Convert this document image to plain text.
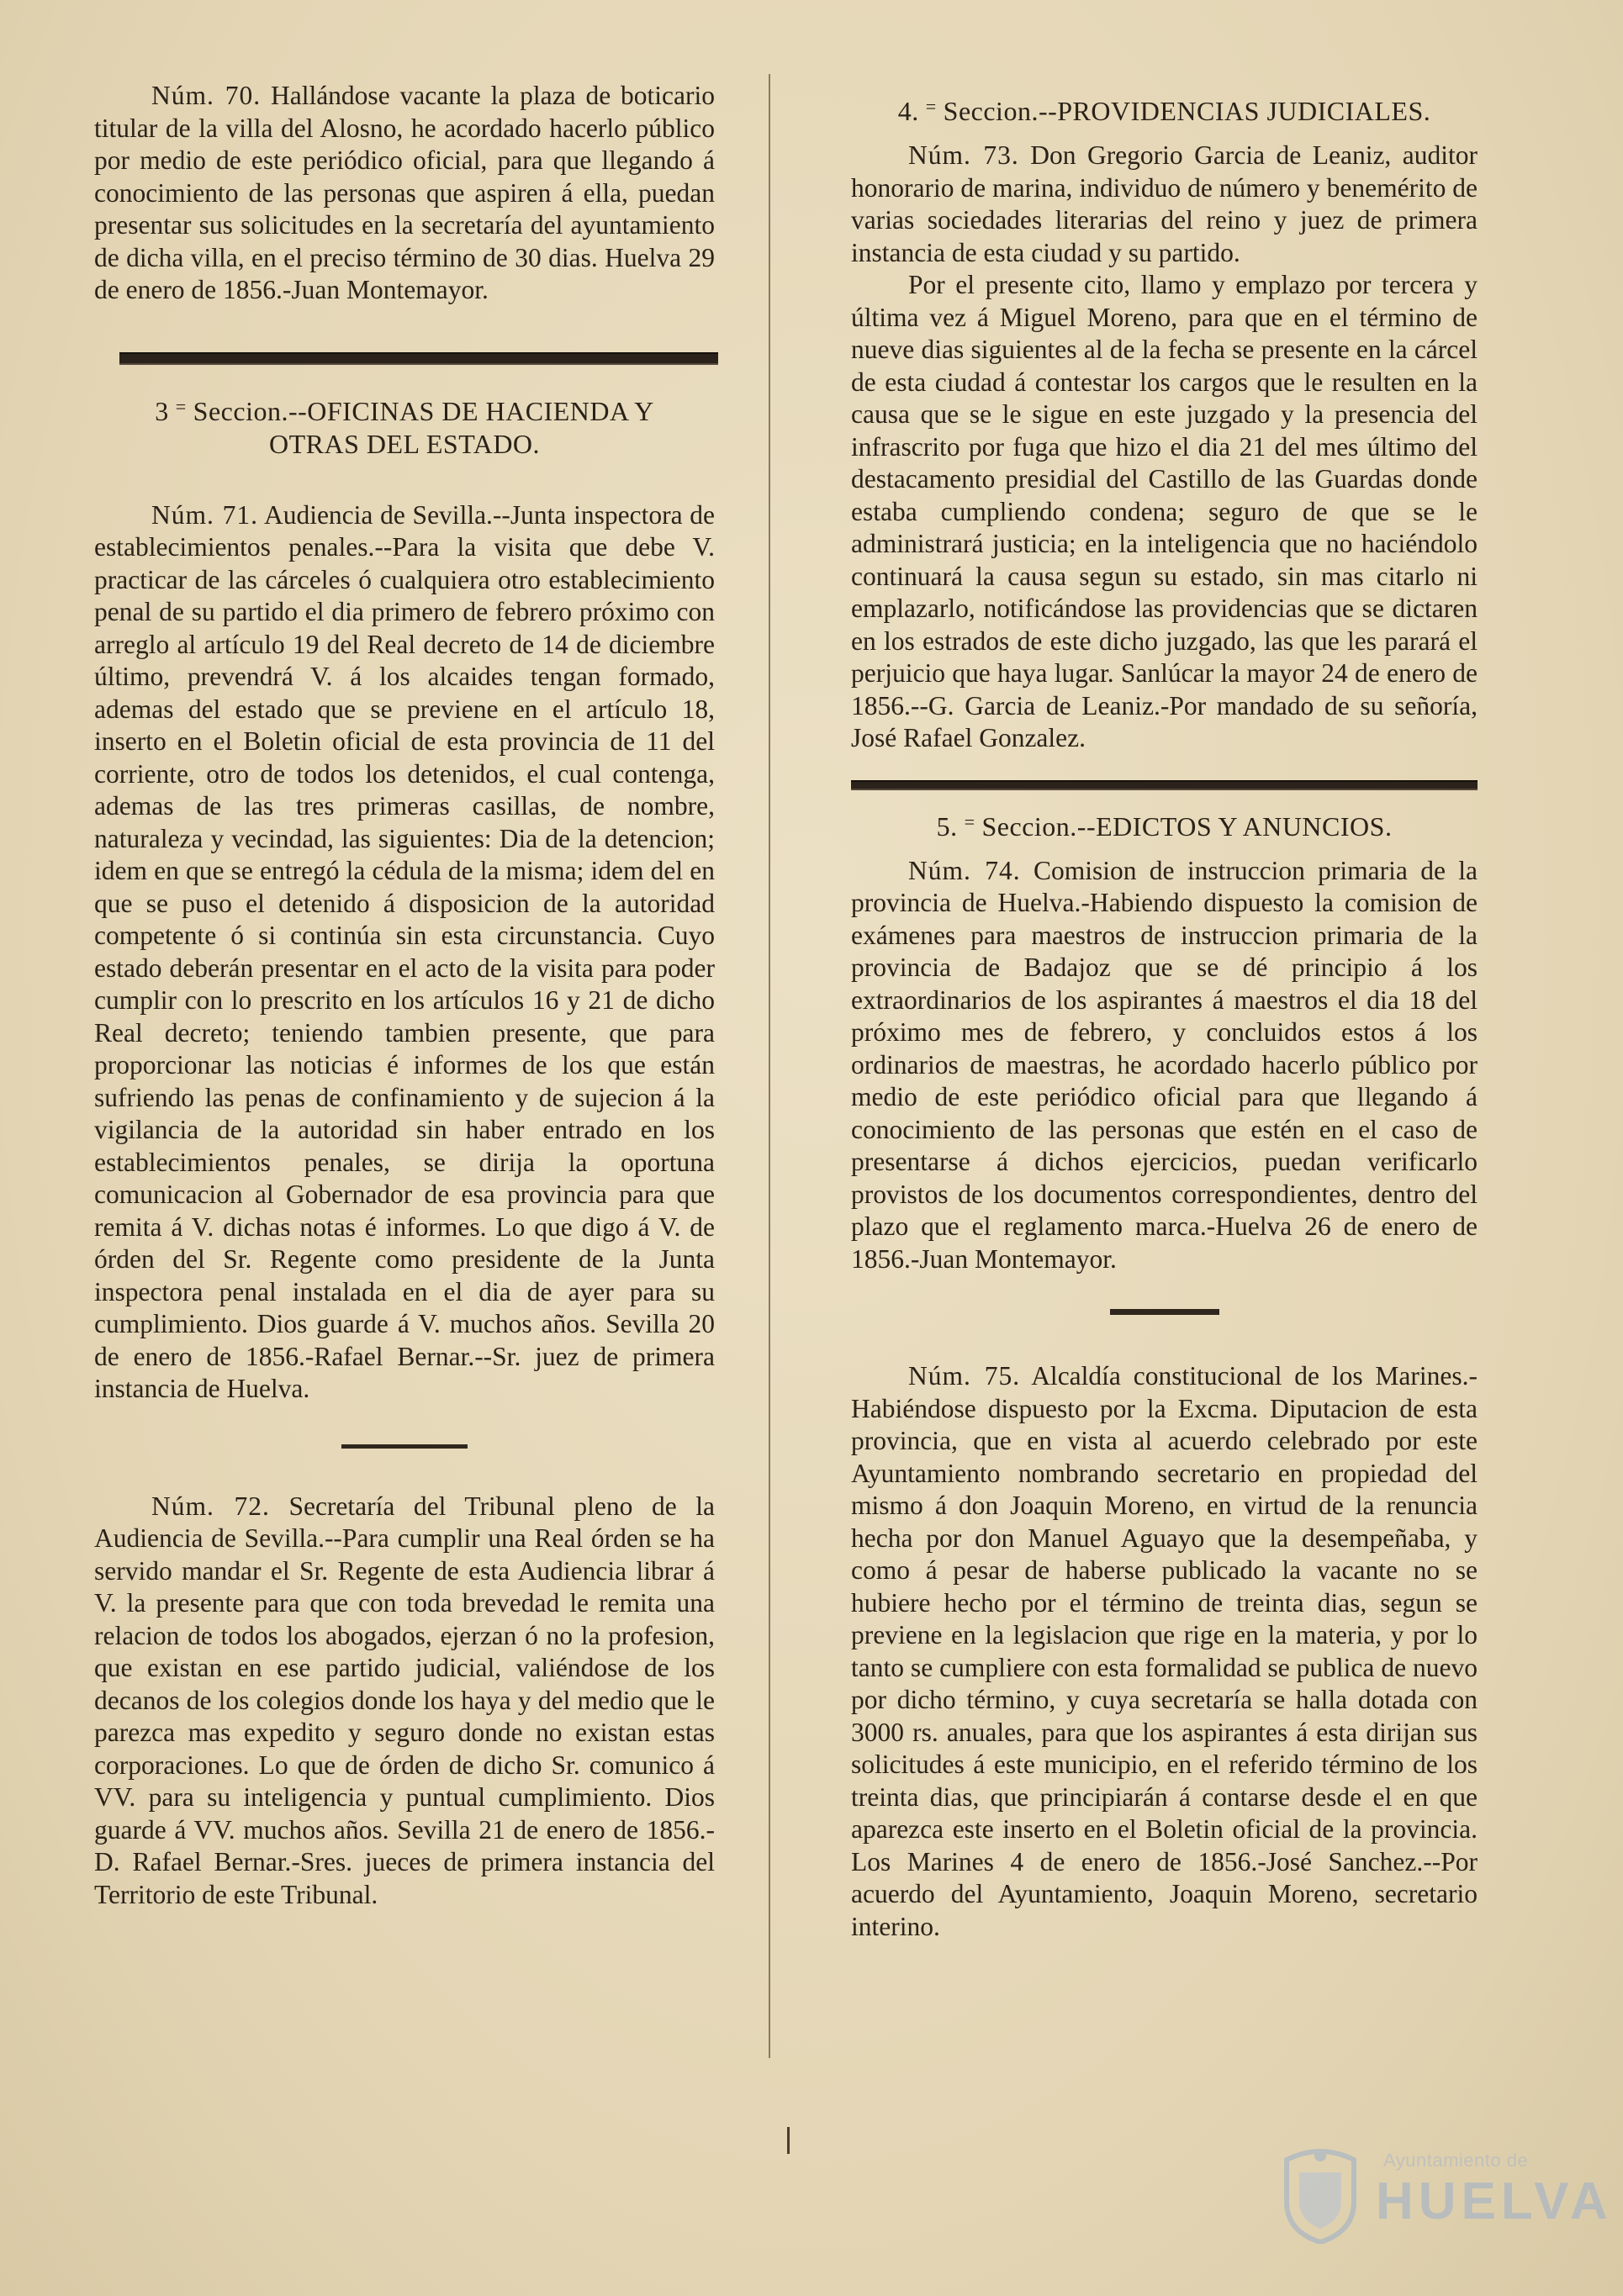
Núm. 70. Hallándose vacante la plaza de boticario titular de la villa del Alosno, he acordado hacerlo público por medio de este periódico oficial, para que llegando á conocimiento de las personas que aspiren á ella, puedan presentar sus solicitudes en la secretaría del ayuntamiento de dicha villa, en el preciso término de 30 dias. Huelva 29 de enero de 1856.-Juan Montemayor.

3 = Seccion.--OFICINAS DE HACIENDA Y
OTRAS DEL ESTADO.

Núm. 71. Audiencia de Sevilla.--Junta inspectora de establecimientos penales.--Para la visita que debe V. practicar de las cárceles ó cualquiera otro establecimiento penal de su partido el dia primero de febrero próximo con arreglo al artículo 19 del Real decreto de 14 de diciembre último, prevendrá V. á los alcaides tengan formado, ademas del estado que se previene en el artículo 18, inserto en el Boletin oficial de esta provincia de 11 del corriente, otro de todos los detenidos, el cual contenga, ademas de las tres primeras casillas, de nombre, naturaleza y vecindad, las siguientes: Dia de la detencion; idem en que se entregó la cédula de la misma; idem del en que se puso el detenido á disposicion de la autoridad competente ó si continúa sin esta circunstancia. Cuyo estado deberán presentar en el acto de la visita para poder cumplir con lo prescrito en los artículos 16 y 21 de dicho Real decreto; teniendo tambien presente, que para proporcionar las noticias é informes de los que están sufriendo las penas de confinamiento y de sujecion á la vigilancia de la autoridad sin haber entrado en los establecimientos penales, se dirija la oportuna comunicacion al Gobernador de esa provincia para que remita á V. dichas notas é informes. Lo que digo á V. de órden del Sr. Regente como presidente de la Junta inspectora penal instalada en el dia de ayer para su cumplimiento. Dios guarde á V. muchos años. Sevilla 20 de enero de 1856.-Rafael Bernar.--Sr. juez de primera instancia de Huelva.

Núm. 72. Secretaría del Tribunal pleno de la Audiencia de Sevilla.--Para cumplir una Real órden se ha servido mandar el Sr. Regente de esta Audiencia librar á V. la presente para que con toda brevedad le remita una relacion de todos los abogados, ejerzan ó no la profesion, que existan en ese partido judicial, valiéndose de los decanos de los colegios donde los haya y del medio que le parezca mas expedito y seguro donde no existan estas corporaciones. Lo que de órden de dicho Sr. comunico á VV. para su inteligencia y puntual cumplimiento. Dios guarde á VV. muchos años. Sevilla 21 de enero de 1856.-D. Rafael Bernar.-Sres. jueces de primera instancia del Territorio de este Tribunal.

4. = Seccion.--PROVIDENCIAS JUDICIALES.

Núm. 73. Don Gregorio Garcia de Leaniz, auditor honorario de marina, individuo de número y benemérito de varias sociedades literarias del reino y juez de primera instancia de esta ciudad y su partido.

Por el presente cito, llamo y emplazo por tercera y última vez á Miguel Moreno, para que en el término de nueve dias siguientes al de la fecha se presente en la cárcel de esta ciudad á contestar los cargos que le resulten en la causa que se le sigue en este juzgado y la presencia del infrascrito por fuga que hizo el dia 21 del mes último del destacamento presidial del Castillo de las Guardas donde estaba cumpliendo condena; seguro de que se le administrará justicia; en la inteligencia que no haciéndolo continuará la causa segun su estado, sin mas citarlo ni emplazarlo, notificándose las providencias que se dictaren en los estrados de este dicho juzgado, las que les parará el perjuicio que haya lugar. Sanlúcar la mayor 24 de enero de 1856.--G. Garcia de Leaniz.-Por mandado de su señoría, José Rafael Gonzalez.

5. = Seccion.--EDICTOS Y ANUNCIOS.

Núm. 74. Comision de instruccion primaria de la provincia de Huelva.-Habiendo dispuesto la comision de exámenes para maestros de instruccion primaria de la provincia de Badajoz que se dé principio á los extraordinarios de los aspirantes á maestros el dia 18 del próximo mes de febrero, y concluidos estos á los ordinarios de maestras, he acordado hacerlo público por medio de este periódico oficial para que llegando á conocimiento de las personas que estén en el caso de presentarse á dichos ejercicios, puedan verificarlo provistos de los documentos correspondientes, dentro del plazo que el reglamento marca.-Huelva 26 de enero de 1856.-Juan Montemayor.

Núm. 75. Alcaldía constitucional de los Marines.-Habiéndose dispuesto por la Excma. Diputacion de esta provincia, que en vista al acuerdo celebrado por este Ayuntamiento nombrando secretario en propiedad del mismo á don Joaquin Moreno, en virtud de la renuncia hecha por don Manuel Aguayo que la desempeñaba, y como á pesar de haberse publicado la vacante no se hubiere hecho por el término de treinta dias, segun se previene en la legislacion que rige en la materia, y por lo tanto se cumpliere con esta formalidad se publica de nuevo por dicho término, y cuya secretaría se halla dotada con 3000 rs. anuales, para que los aspirantes á esta dirijan sus solicitudes á este municipio, en el referido término de los treinta dias, que principiarán á contarse desde el en que aparezca este inserto en el Boletin oficial de la provincia. Los Marines 4 de enero de 1856.-José Sanchez.--Por acuerdo del Ayuntamiento, Joaquin Moreno, secretario interino.

Ayuntamiento de
HUELVA
